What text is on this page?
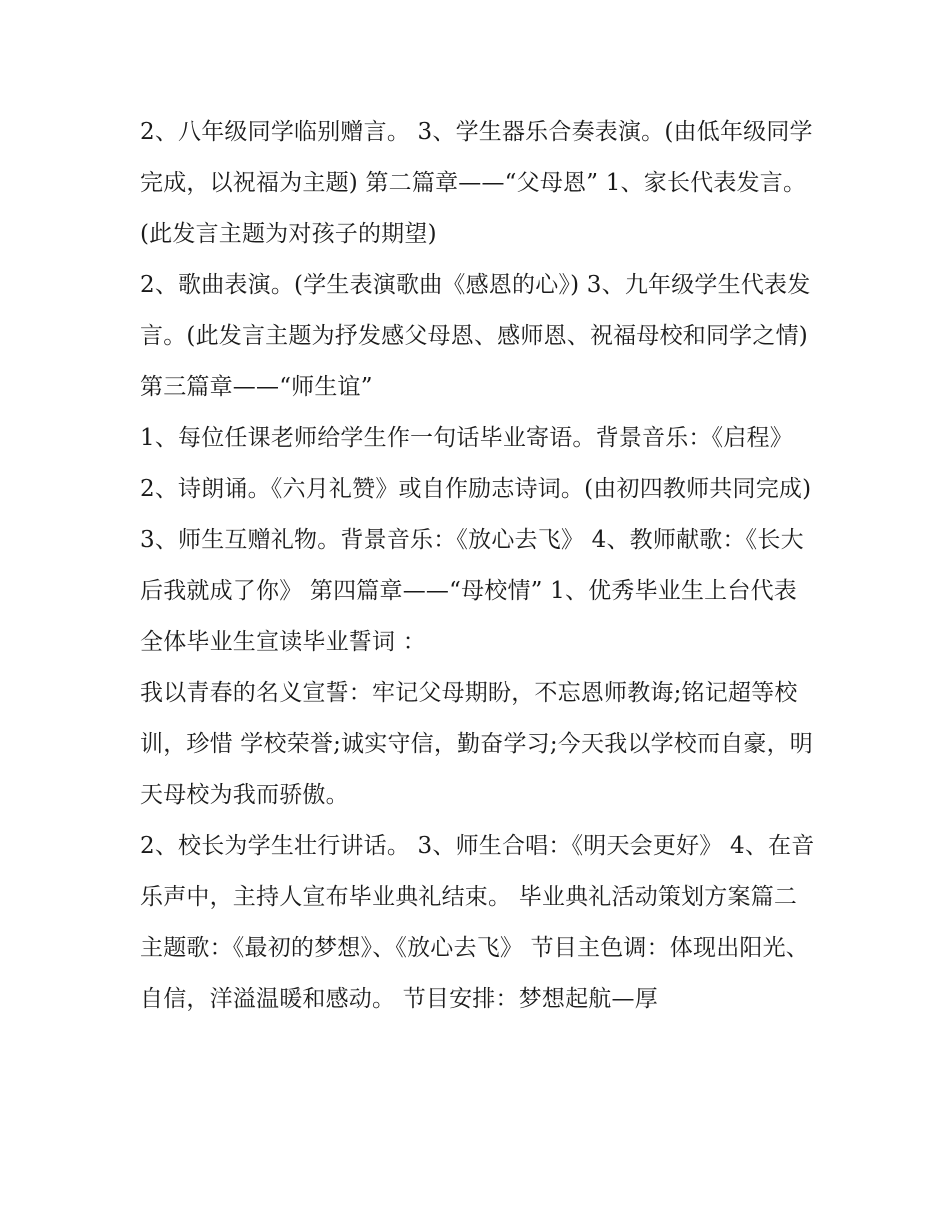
2、八年级同学临别赠言。 3、学生器乐合奏表演。(由低年级同学完成，以祝福为主题) 第二篇章——“父母恩” 1、家长代表发言。(此发言主题为对孩子的期望)

2、歌曲表演。(学生表演歌曲《感恩的心》) 3、九年级学生代表发言。(此发言主题为抒发感父母恩、感师恩、祝福母校和同学之情) 第三篇章——“师生谊”

1、每位任课老师给学生作一句话毕业寄语。背景音乐：《启程》 2、诗朗诵。《六月礼赞》或自作励志诗词。(由初四教师共同完成)

3、师生互赠礼物。背景音乐：《放心去飞》 4、教师献歌：《长大后我就成了你》 第四篇章——“母校情” 1、优秀毕业生上台代表全体毕业生宣读毕业誓词 ：

我以青春的名义宣誓：牢记父母期盼，不忘恩师教诲;铭记超等校训，珍惜 学校荣誉;诚实守信，勤奋学习;今天我以学校而自豪，明天母校为我而骄傲。

2、校长为学生壮行讲话。 3、师生合唱：《明天会更好》 4、在音乐声中，主持人宣布毕业典礼结束。 毕业典礼活动策划方案篇二

主题歌：《最初的梦想》、《放心去飞》 节目主色调：体现出阳光、自信，洋溢温暖和感动。 节目安排：梦想起航—厚
